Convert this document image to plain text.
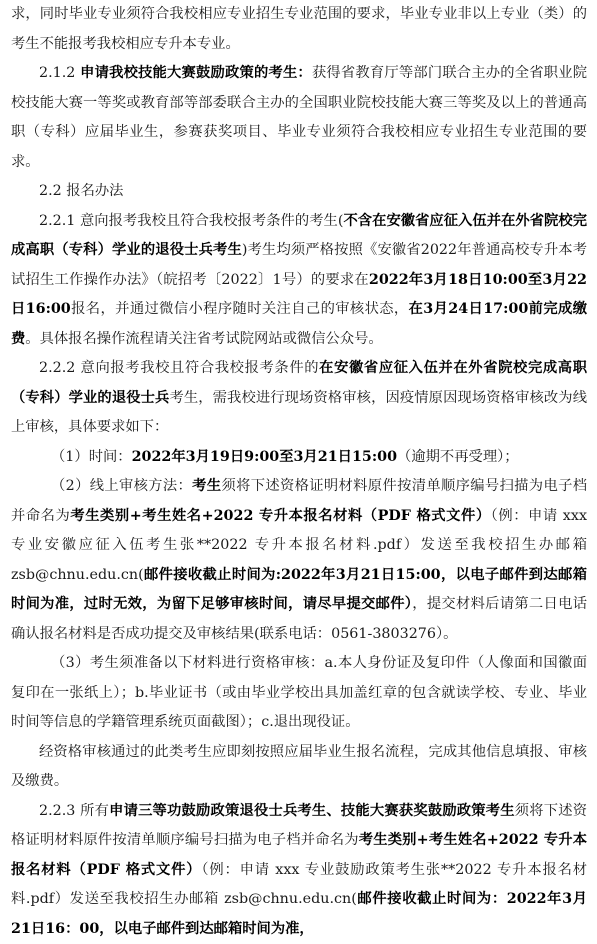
求，同时毕业专业须符合我校相应专业招生专业范围的要求，毕业专业非以上专业（类）的考生不能报考我校相应专升本专业。

2.1.2 申请我校技能大赛鼓励政策的考生：获得省教育厅等部门联合主办的全省职业院校技能大赛一等奖或教育部等部委联合主办的全国职业院校技能大赛三等奖及以上的普通高职（专科）应届毕业生，参赛获奖项目、毕业专业须符合我校相应专业招生专业范围的要求。

2.2 报名办法

2.2.1 意向报考我校且符合我校报考条件的考生(不含在安徽省应征入伍并在外省院校完成高职（专科）学业的退役士兵考生)考生均须严格按照《安徽省2022年普通高校专升本考试招生工作操作办法》（皖招考〔2022〕1号）的要求在2022年3月18日10:00至3月22日16:00报名，并通过微信小程序随时关注自己的审核状态，在3月24日17:00前完成缴费。具体报名操作流程请关注省考试院网站或微信公众号。

2.2.2 意向报考我校且符合我校报考条件的在安徽省应征入伍并在外省院校完成高职（专科）学业的退役士兵考生，需我校进行现场资格审核，因疫情原因现场资格审核改为线上审核，具体要求如下：

（1）时间：2022年3月19日9:00至3月21日15:00（逾期不再受理）；

（2）线上审核方法：考生须将下述资格证明材料原件按清单顺序编号扫描为电子档并命名为考生类别+考生姓名+2022 专升本报名材料（PDF 格式文件）（例：申请 xxx 专业安徽应征入伍考生张**2022 专升本报名材料.pdf）发送至我校招生办邮箱 zsb@chnu.edu.cn(邮件接收截止时间为:2022年3月21日15:00，以电子邮件到达邮箱时间为准，过时无效，为留下足够审核时间，请尽早提交邮件），提交材料后请第二日电话确认报名材料是否成功提交及审核结果(联系电话：0561-3803276）。

（3）考生须准备以下材料进行资格审核：a.本人身份证及复印件（人像面和国徽面复印在一张纸上）；b.毕业证书（或由毕业学校出具加盖红章的包含就读学校、专业、毕业时间等信息的学籍管理系统页面截图）；c.退出现役证。

经资格审核通过的此类考生应即刻按照应届毕业生报名流程，完成其他信息填报、审核及缴费。

2.2.3 所有申请三等功鼓励政策退役士兵考生、技能大赛获奖鼓励政策考生须将下述资格证明材料原件按清单顺序编号扫描为电子档并命名为考生类别+考生姓名+2022 专升本报名材料（PDF 格式文件）（例：申请 xxx 专业鼓励政策考生张**2022 专升本报名材料.pdf）发送至我校招生办邮箱 zsb@chnu.edu.cn(邮件接收截止时间为：2022年3月21日16：00，以电子邮件到达邮箱时间为准，
